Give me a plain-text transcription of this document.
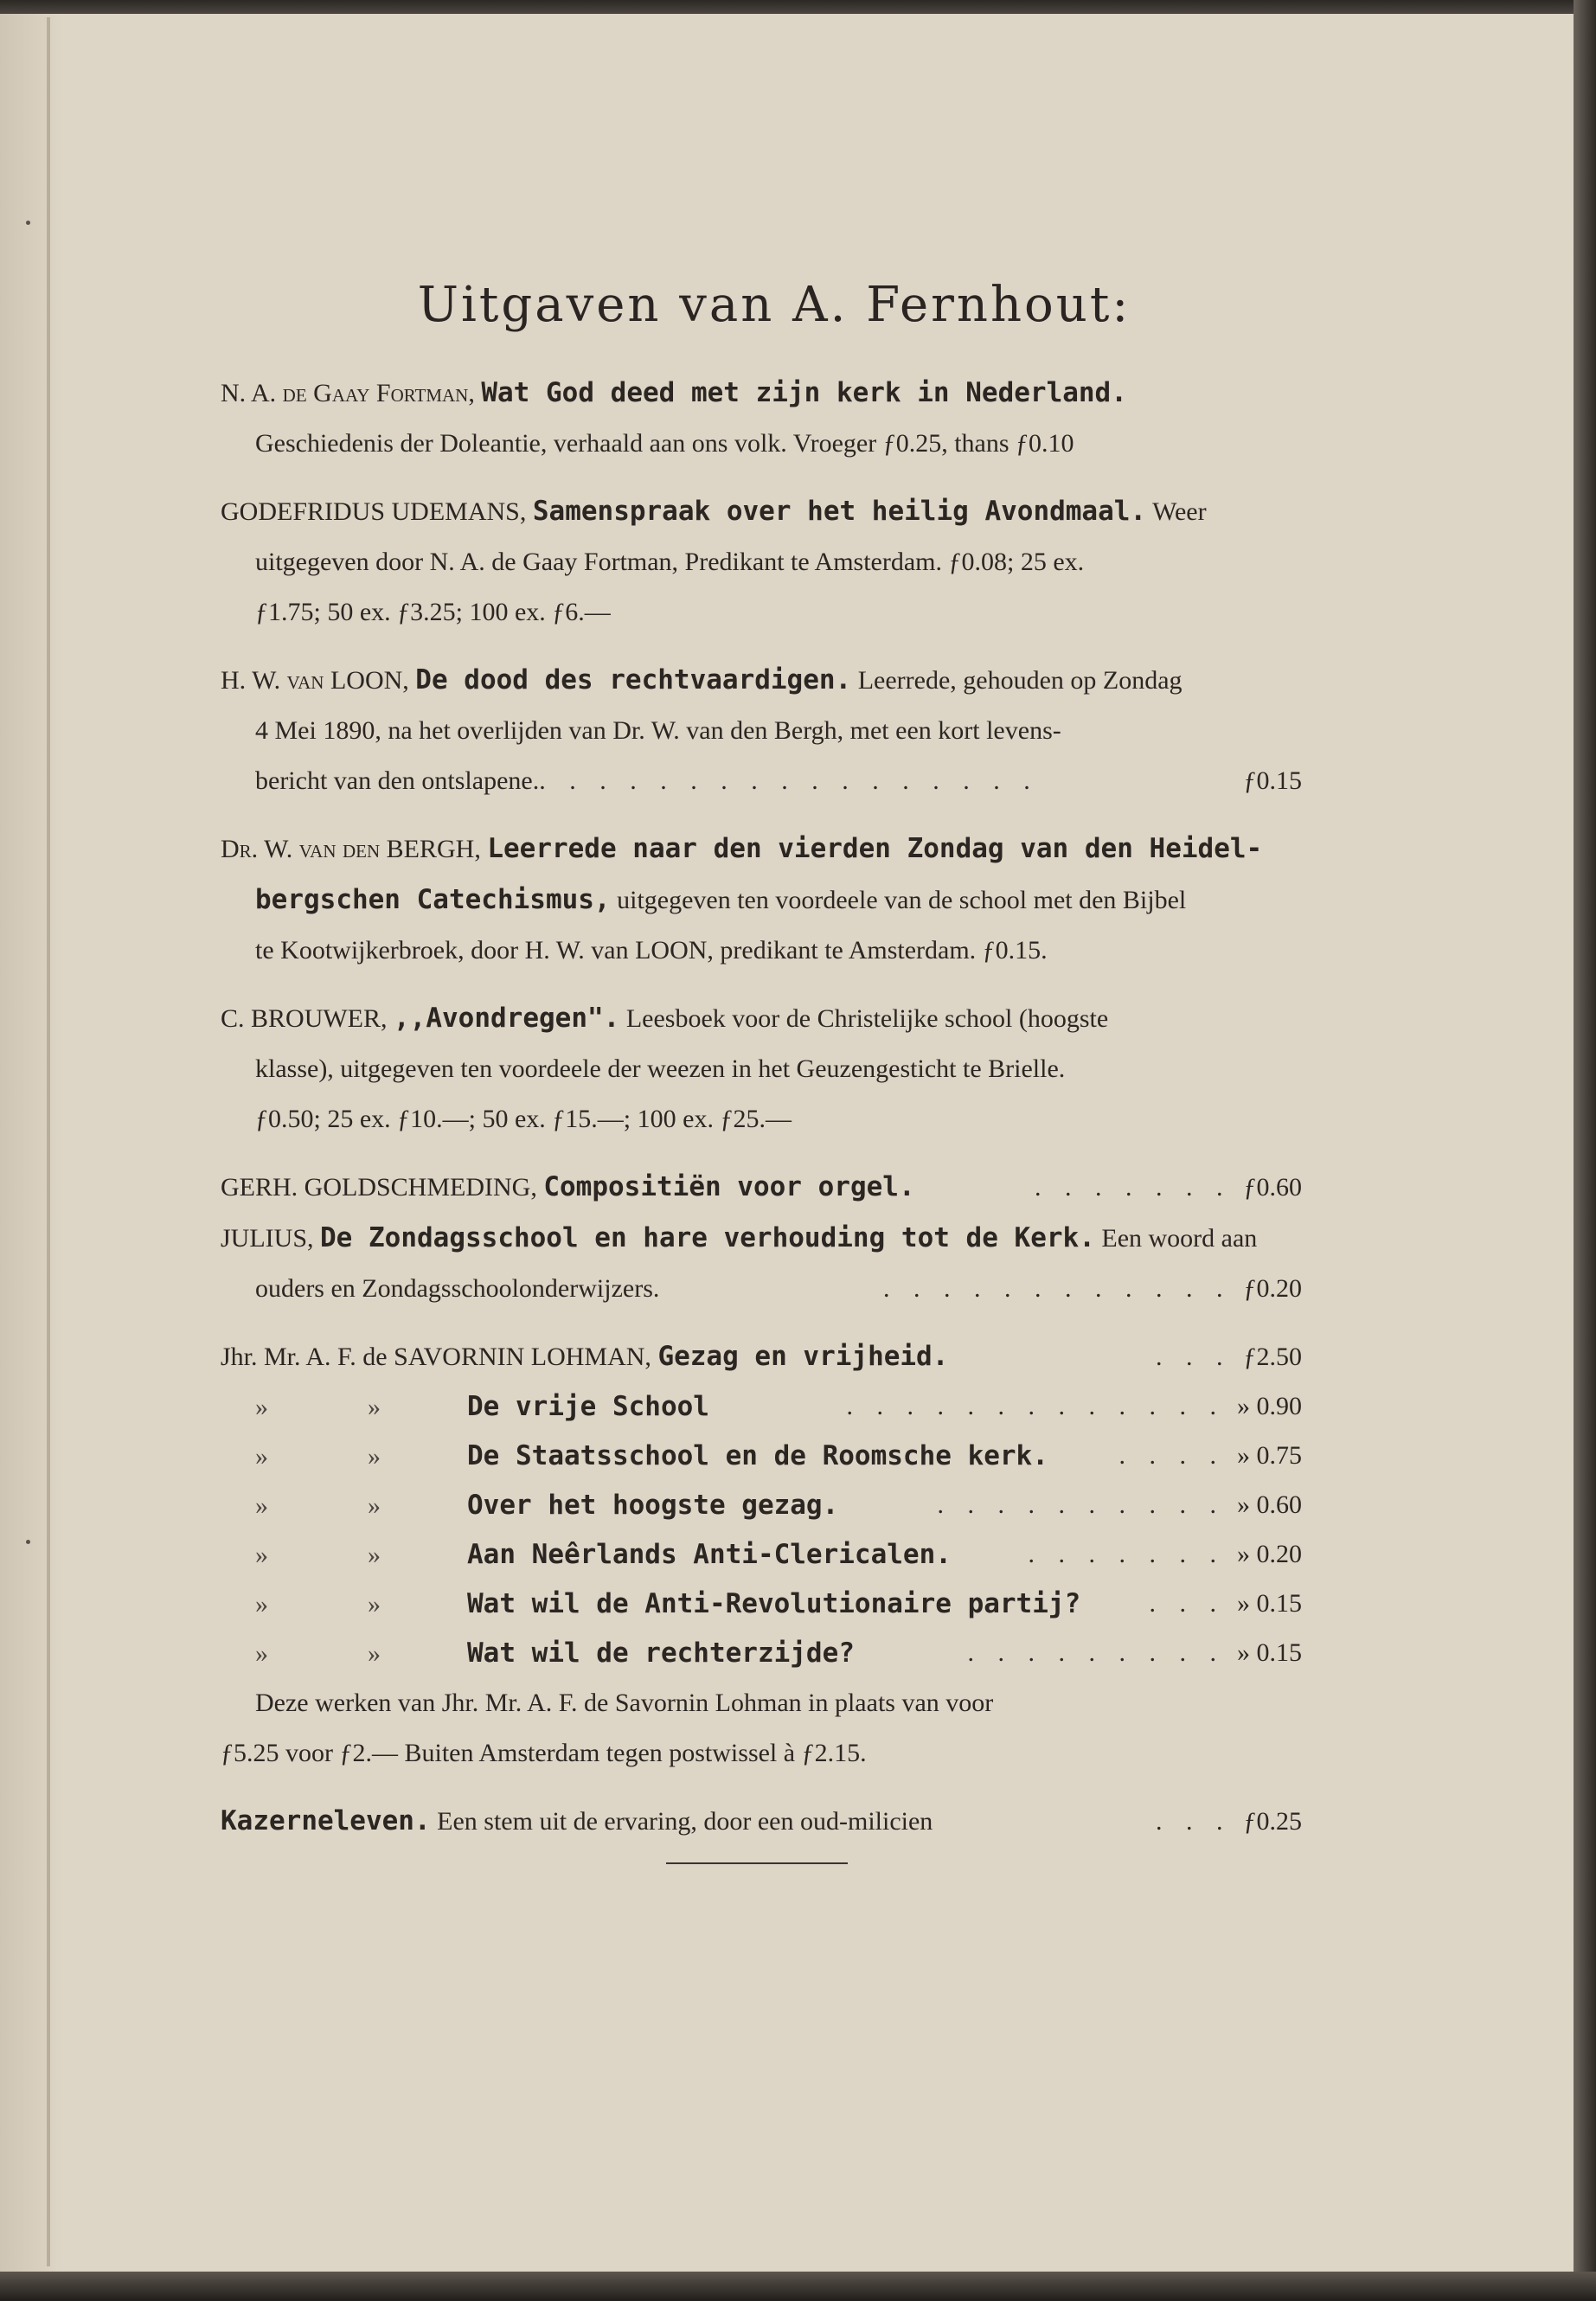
Uitgaven van A. Fernhout:

N. A. de Gaay Fortman, Wat God deed met zijn kerk in Nederland.

Geschiedenis der Doleantie, verhaald aan ons volk. Vroeger ƒ0.25, thans ƒ0.10

GODEFRIDUS UDEMANS, Samenspraak over het heilig Avondmaal. Weer

uitgegeven door N. A. de Gaay Fortman, Predikant te Amsterdam. ƒ0.08; 25 ex.

ƒ1.75; 50 ex. ƒ3.25; 100 ex. ƒ6.—

H. W. van LOON, De dood des rechtvaardigen. Leerrede, gehouden op Zondag

4 Mei 1890, na het overlijden van Dr. W. van den Bergh, met een kort levens-

bericht van den ontslapene. . . . . . . . . . . . . . . . . .	ƒ0.15

Dr. W. van den BERGH, Leerrede naar den vierden Zondag van den Heidel-

bergschen Catechismus, uitgegeven ten voordeele van de school met den Bijbel

te Kootwijkerbroek, door H. W. van LOON, predikant te Amsterdam. ƒ0.15.

C. BROUWER, ,,Avondregen". Leesboek voor de Christelijke school (hoogste

klasse), uitgegeven ten voordeele der weezen in het Geuzengesticht te Brielle.

ƒ0.50; 25 ex. ƒ10.—; 50 ex. ƒ15.—; 100 ex. ƒ25.—

GERH. GOLDSCHMEDING,
Compositiën voor orgel.	. . . . . . . ƒ0.60

JULIUS, De Zondagsschool en hare verhouding tot de Kerk. Een woord aan

ouders en Zondagsschoolonderwijzers.	. . . . . . . . . . . . ƒ0.20

Jhr. Mr. A. F. de SAVORNIN LOHMAN,
Gezag en vrijheid.	. . . ƒ2.50

»	»	De vrije School	. . . . . . . . . . . . . » 0.90
»	»	De Staatsschool en de Roomsche kerk.	. . . . » 0.75
»	»	Over het hoogste gezag.	. . . . . . . . . . » 0.60
»	»	Aan Neêrlands Anti-Clericalen.	. . . . . . . » 0.20
»	»	Wat wil de Anti-Revolutionaire partij?	. . . » 0.15
»	»	Wat wil de rechterzijde?	. . . . . . . . . » 0.15

Deze werken van Jhr. Mr. A. F. de Savornin Lohman in plaats van voor

ƒ5.25 voor ƒ2.— Buiten Amsterdam tegen postwissel à ƒ2.15.

Kazerneleven.
Een stem uit de ervaring, door een oud-milicien	. . . ƒ0.25
